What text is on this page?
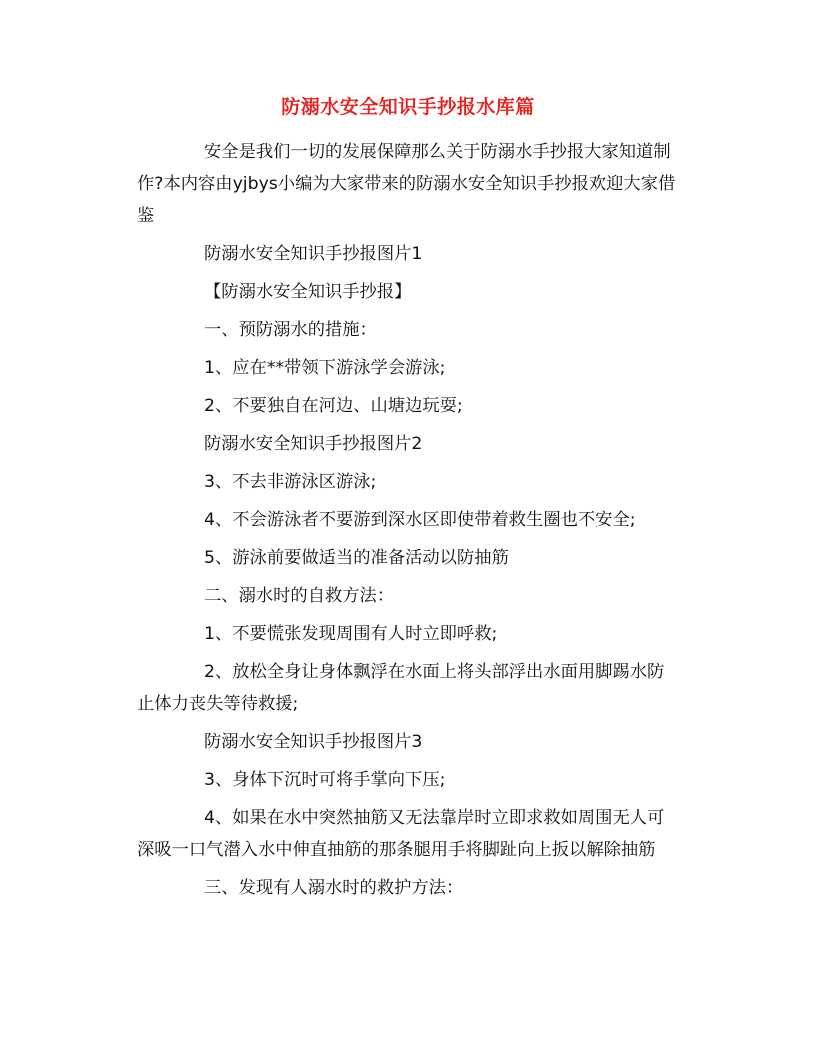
防溺水安全知识手抄报水库篇

安全是我们一切的发展保障那么关于防溺水手抄报大家知道制作?本内容由yjbys小编为大家带来的防溺水安全知识手抄报欢迎大家借鉴

防溺水安全知识手抄报图片1

【防溺水安全知识手抄报】

一、预防溺水的措施：

1、应在**带领下游泳学会游泳;

2、不要独自在河边、山塘边玩耍;

防溺水安全知识手抄报图片2

3、不去非游泳区游泳;

4、不会游泳者不要游到深水区即使带着救生圈也不安全;

5、游泳前要做适当的准备活动以防抽筋

二、溺水时的自救方法：

1、不要慌张发现周围有人时立即呼救;

2、放松全身让身体飘浮在水面上将头部浮出水面用脚踢水防止体力丧失等待救援;

防溺水安全知识手抄报图片3

3、身体下沉时可将手掌向下压;

4、如果在水中突然抽筋又无法靠岸时立即求救如周围无人可深吸一口气潜入水中伸直抽筋的那条腿用手将脚趾向上扳以解除抽筋

三、发现有人溺水时的救护方法：
